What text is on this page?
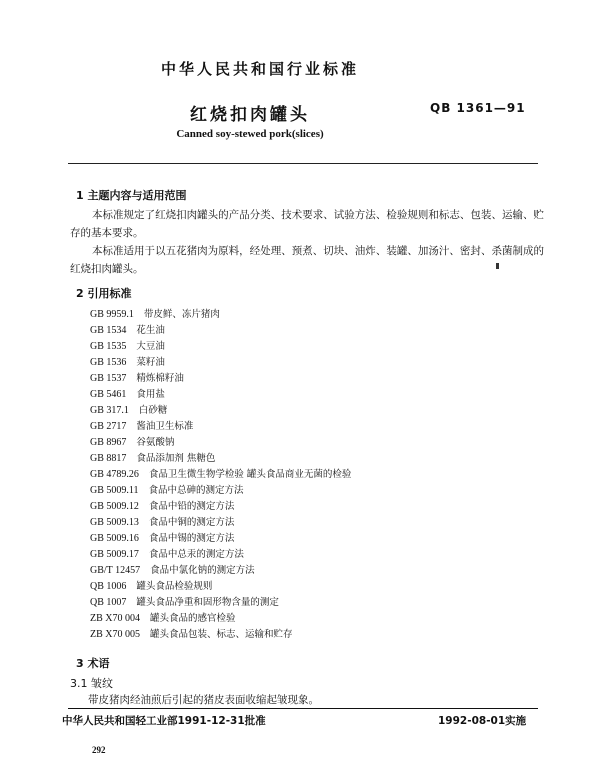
中华人民共和国行业标准
红烧扣肉罐头	QB 1361—91
Canned soy-stewed pork(slices)
1 主题内容与适用范围
本标准规定了红烧扣肉罐头的产品分类、技术要求、试验方法、检验规则和标志、包装、运输、贮存的基本要求。
本标准适用于以五花猪肉为原料，经处理、预煮、切块、油炸、装罐、加汤汁、密封、杀菌制成的红烧扣肉罐头。
2 引用标准
GB 9959.1 带皮鲜、冻片猪肉
GB 1534 花生油
GB 1535 大豆油
GB 1536 菜籽油
GB 1537 精炼棉籽油
GB 5461 食用盐
GB 317.1 白砂糖
GB 2717 酱油卫生标准
GB 8967 谷氨酸钠
GB 8817 食品添加剂 焦糖色
GB 4789.26 食品卫生微生物学检验 罐头食品商业无菌的检验
GB 5009.11 食品中总砷的测定方法
GB 5009.12 食品中铅的测定方法
GB 5009.13 食品中铜的测定方法
GB 5009.16 食品中锡的测定方法
GB 5009.17 食品中总汞的测定方法
GB/T 12457 食品中氯化钠的测定方法
QB 1006 罐头食品检验规则
QB 1007 罐头食品净重和固形物含量的测定
ZB X70 004 罐头食品的感官检验
ZB X70 005 罐头食品包装、标志、运输和贮存
3 术语
3.1 皱纹
带皮猪肉经油煎后引起的猪皮表面收缩起皱现象。
中华人民共和国轻工业部1991-12-31批准	1992-08-01实施
292
